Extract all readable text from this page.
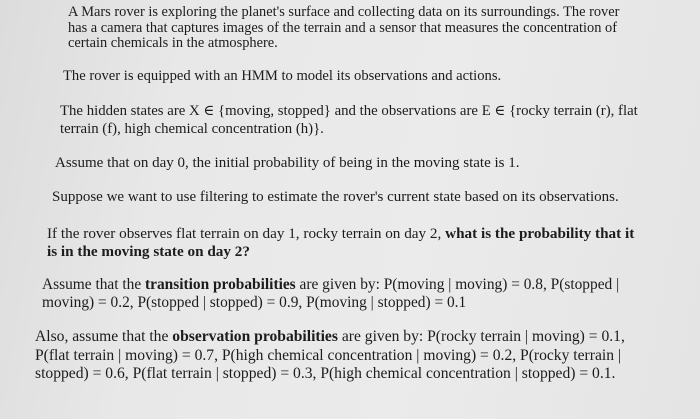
A Mars rover is exploring the planet's surface and collecting data on its surroundings. The rover
has a camera that captures images of the terrain and a sensor that measures the concentration of
certain chemicals in the atmosphere.

The rover is equipped with an HMM to model its observations and actions.

The hidden states are X ∈ {moving, stopped} and the observations are E ∈ {rocky terrain (r), flat
terrain (f), high chemical concentration (h)}.

Assume that on day 0, the initial probability of being in the moving state is 1.

Suppose we want to use filtering to estimate the rover's current state based on its observations.

If the rover observes flat terrain on day 1, rocky terrain on day 2, what is the probability that it
is in the moving state on day 2?

Assume that the transition probabilities are given by: P(moving | moving) = 0.8, P(stopped |
moving) = 0.2, P(stopped | stopped) = 0.9, P(moving | stopped) = 0.1

Also, assume that the observation probabilities are given by: P(rocky terrain | moving) = 0.1,
P(flat terrain | moving) = 0.7, P(high chemical concentration | moving) = 0.2, P(rocky terrain |
stopped) = 0.6, P(flat terrain | stopped) = 0.3, P(high chemical concentration | stopped) = 0.1.
